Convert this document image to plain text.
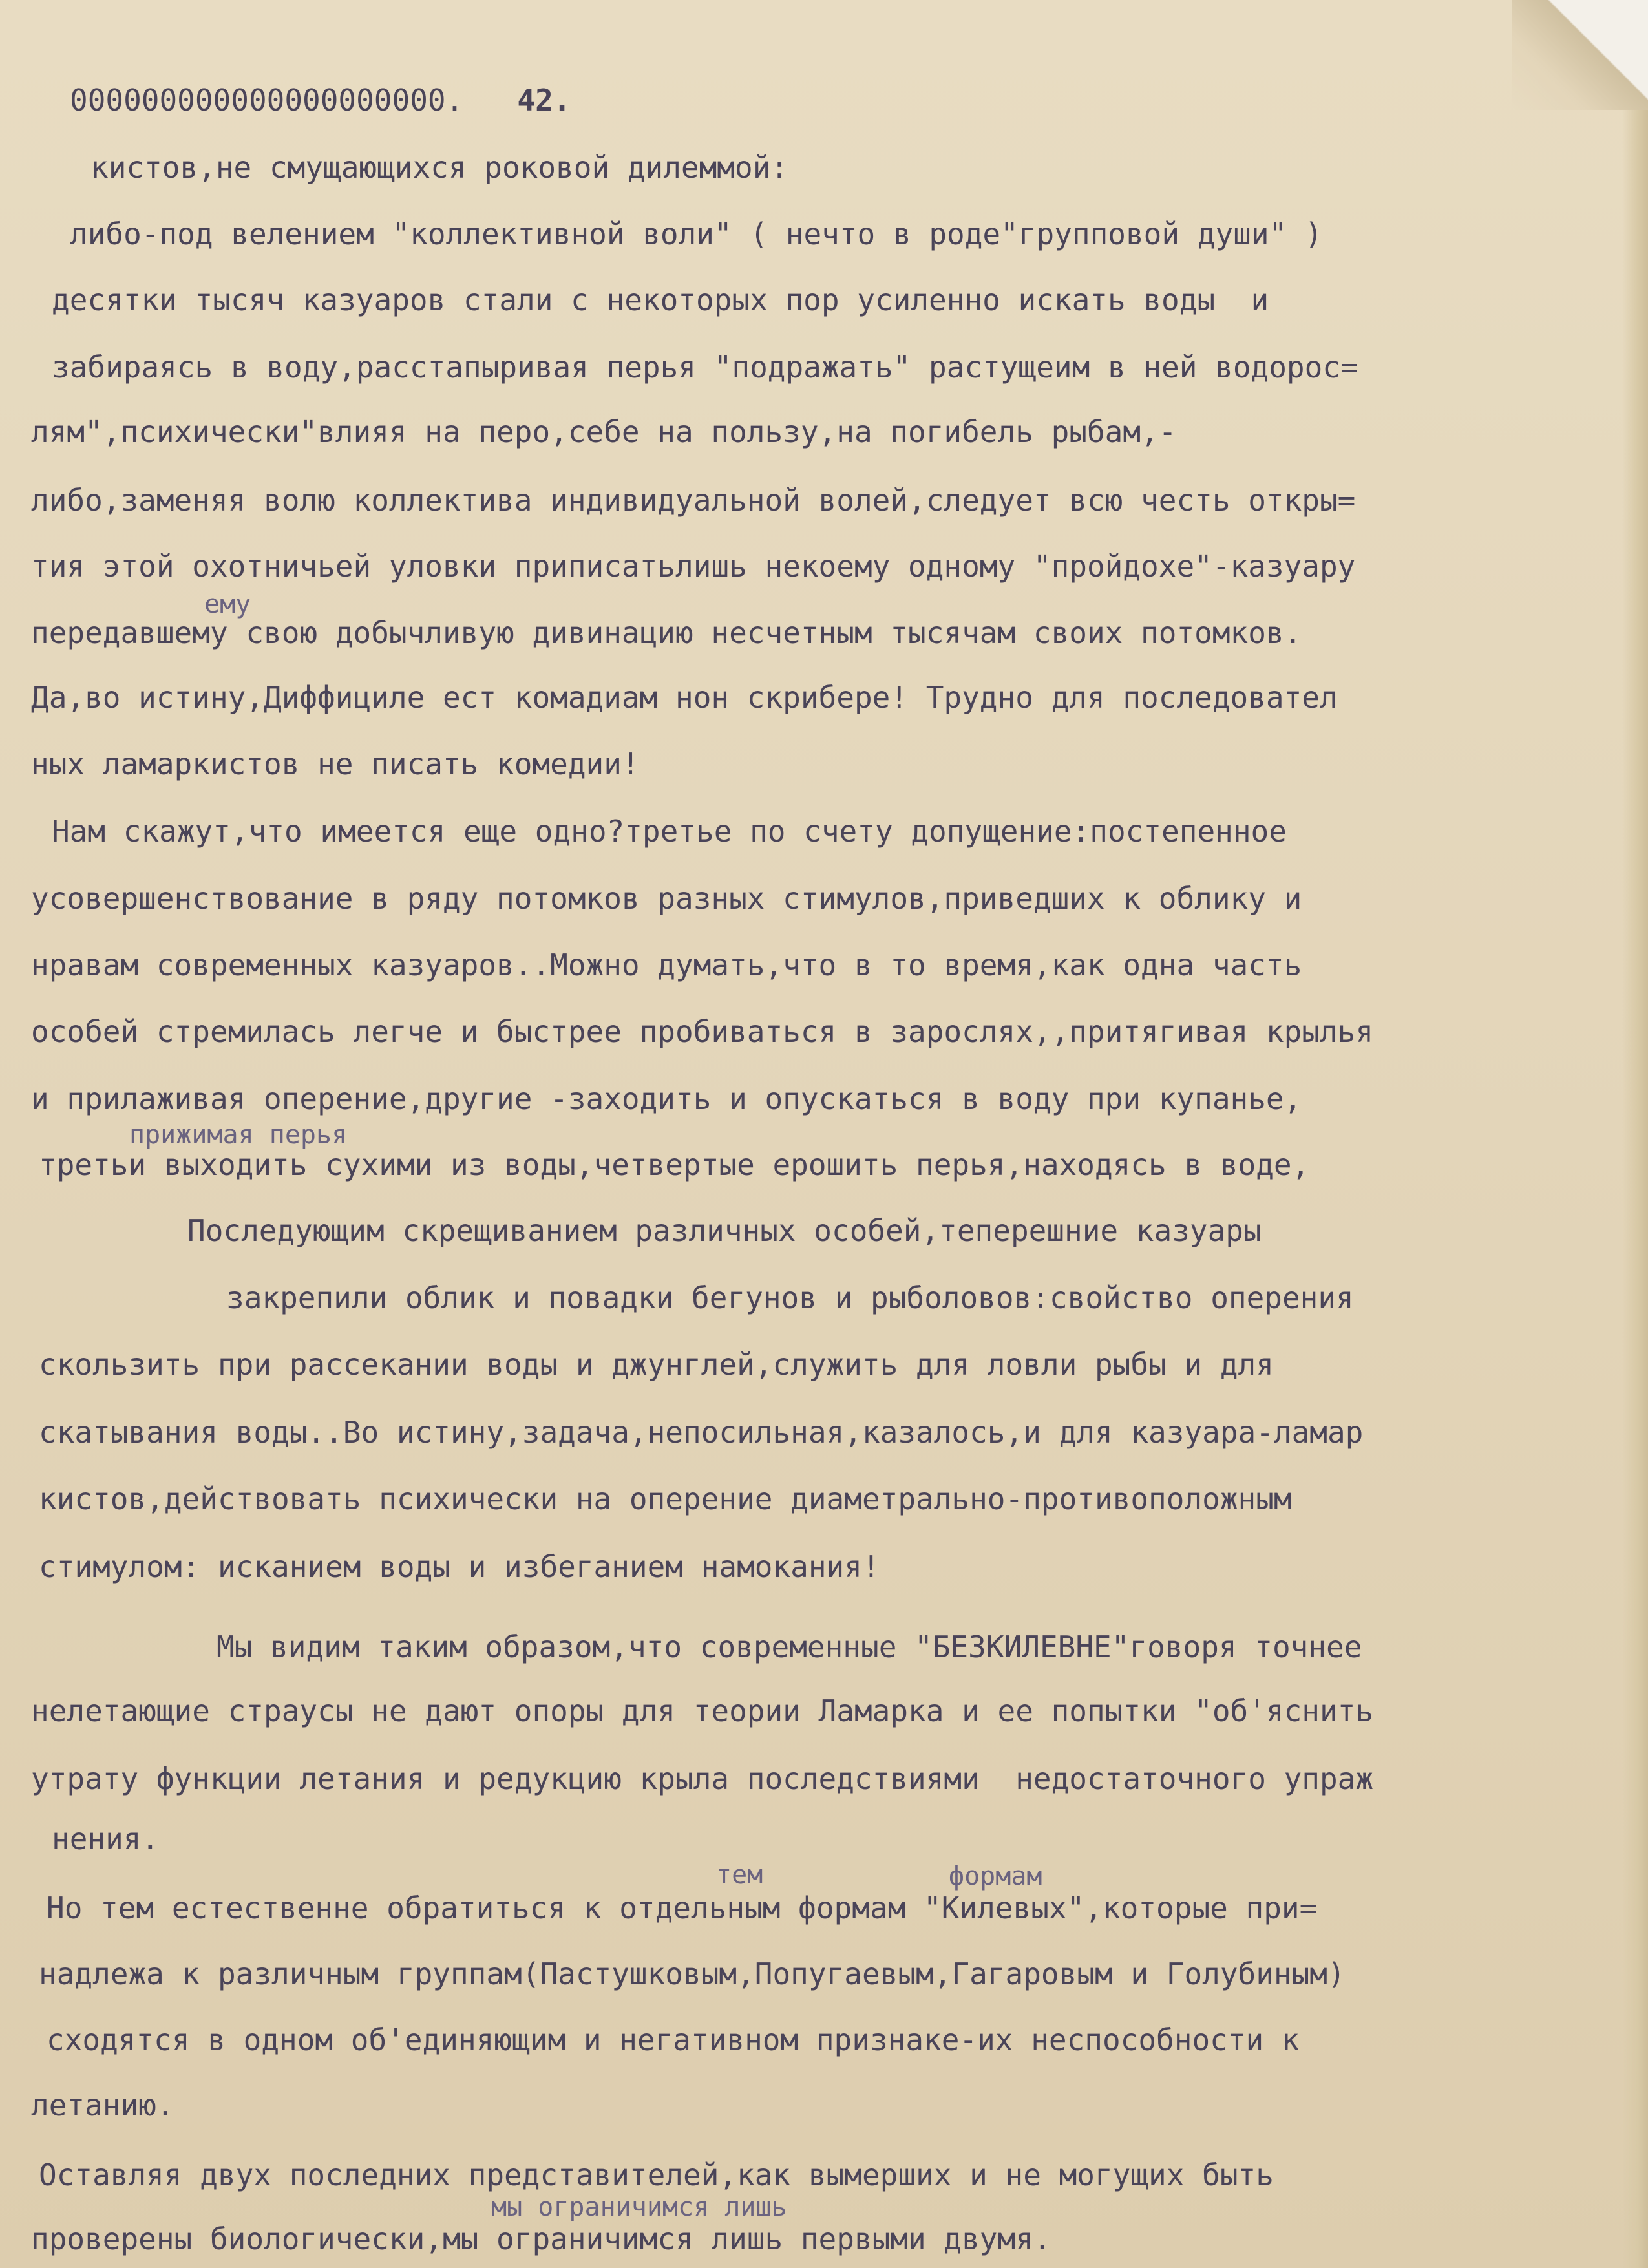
000000000000000000000. 42.
кистов,не смущающихся роковой дилеммой:
либо-под велением "коллективной воли" ( нечто в роде"групповой души" )
десятки тысяч казуаров стали с некоторых пор усиленно искать воды  и
забираясь в воду,расстапыривая перья "подражать" растущеим в ней водорос=
лям",психически"влияя на перо,себе на пользу,на погибель рыбам,-
либо,заменяя волю коллектива индивидуальной волей,следует всю честь откры=
тия этой охотничьей уловки приписатьлишь некоему одному "пройдохе"-казуару
ему
передавшему свою добычливую дивинацию несчетным тысячам своих потомков.
Да,во истину,Диффициле ест комадиам нон скрибере! Трудно для последовател
ных ламаркистов не писать комедии!
Нам скажут,что имеется еще одно?третье по счету допущение:постепенное
усовершенствование в ряду потомков разных стимулов,приведших к облику и
нравам современных казуаров..Можно думать,что в то время,как одна часть
особей стремилась легче и быстрее пробиваться в зарослях,,притягивая крылья
и прилаживая оперение,другие -заходить и опускаться в воду при купанье,
прижимая перья
третьи выходить сухими из воды,четвертые ерошить перья,находясь в воде,
Последующим скрещиванием различных особей,теперешние казуары
закрепили облик и повадки бегунов и рыболовов:свойство оперения
скользить при рассекании воды и джунглей,служить для ловли рыбы и для
скатывания воды..Во истину,задача,непосильная,казалось,и для казуара-ламар
кистов,действовать психически на оперение диаметрально-противоположным
стимулом: исканием воды и избеганием намокания!
Мы видим таким образом,что современные "БЕЗКИЛЕВНЕ"говоря точнее
нелетающие страусы не дают опоры для теории Ламарка и ее попытки "об'яснить
утрату функции летания и редукцию крыла последствиями  недостаточного упраж
нения.
тем	формам
Но тем естественне обратиться к отдельным формам "Килевых",которые при=
надлежа к различным группам(Пастушковым,Попугаевым,Гагаровым и Голубиным)
сходятся в одном об'единяющим и негативном признаке-их неспособности к
летанию.
Оставляя двух последних представителей,как вымерших и не могущих быть
мы ограничимся лишь
проверены биологически,мы ограничимся лишь первыми двумя.
